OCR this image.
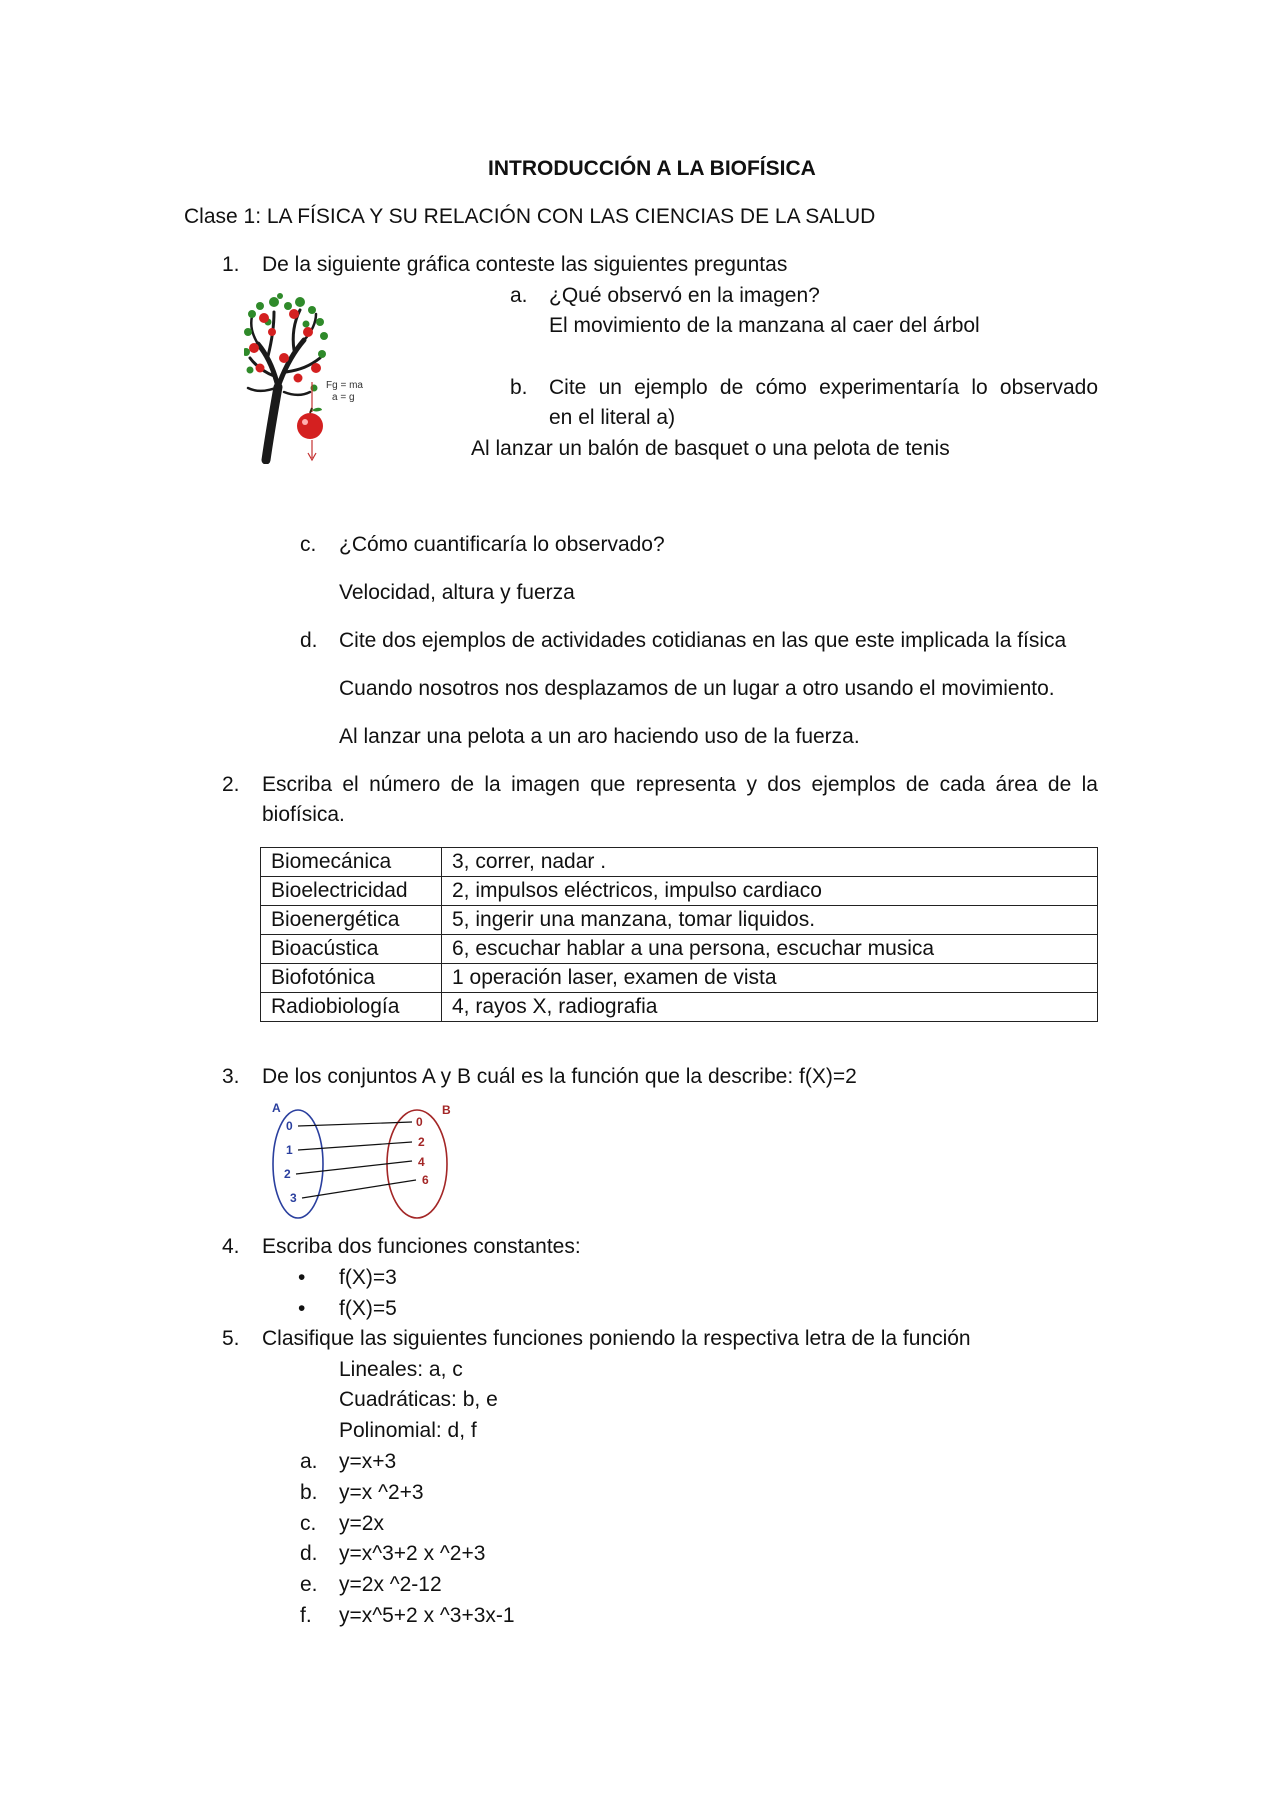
INTRODUCCIÓN A LA BIOFÍSICA
Clase 1: LA FÍSICA Y SU RELACIÓN CON LAS CIENCIAS DE LA SALUD
1. De la siguiente gráfica conteste las siguientes preguntas
Fg = ma
a = g
a. ¿Qué observó en la imagen?
El movimiento de la manzana al caer del árbol
b. Cite un ejemplo de cómo experimentaría lo observado
en el literal a)
Al lanzar un balón de basquet o una pelota de tenis
c. ¿Cómo cuantificaría lo observado?
Velocidad, altura y fuerza
d. Cite dos ejemplos de actividades cotidianas en las que este implicada la física
Cuando nosotros nos desplazamos de un lugar a otro usando el movimiento.
Al lanzar una pelota a un aro haciendo uso de la fuerza.
2. Escriba el número de la imagen que representa y dos ejemplos de cada área de la
biofísica.
Biomecánica	3, correr, nadar .
Bioelectricidad	2, impulsos eléctricos, impulso cardiaco
Bioenergética	5, ingerir una manzana, tomar liquidos.
Bioacústica	6, escuchar hablar a una persona, escuchar musica
Biofotónica	1 operación laser, examen de vista
Radiobiología	4, rayos X, radiografia
3. De los conjuntos A y B cuál es la función que la describe: f(X)=2
A	B
0
1
2
3
0
2
4
6
4. Escriba dos funciones constantes:
• f(X)=3
• f(X)=5
5. Clasifique las siguientes funciones poniendo la respectiva letra de la función
Lineales: a, c
Cuadráticas: b, e
Polinomial: d, f
a. y=x+3
b. y=x ^2+3
c. y=2x
d. y=x^3+2 x ^2+3
e. y=2x ^2-12
f. y=x^5+2 x ^3+3x-1
